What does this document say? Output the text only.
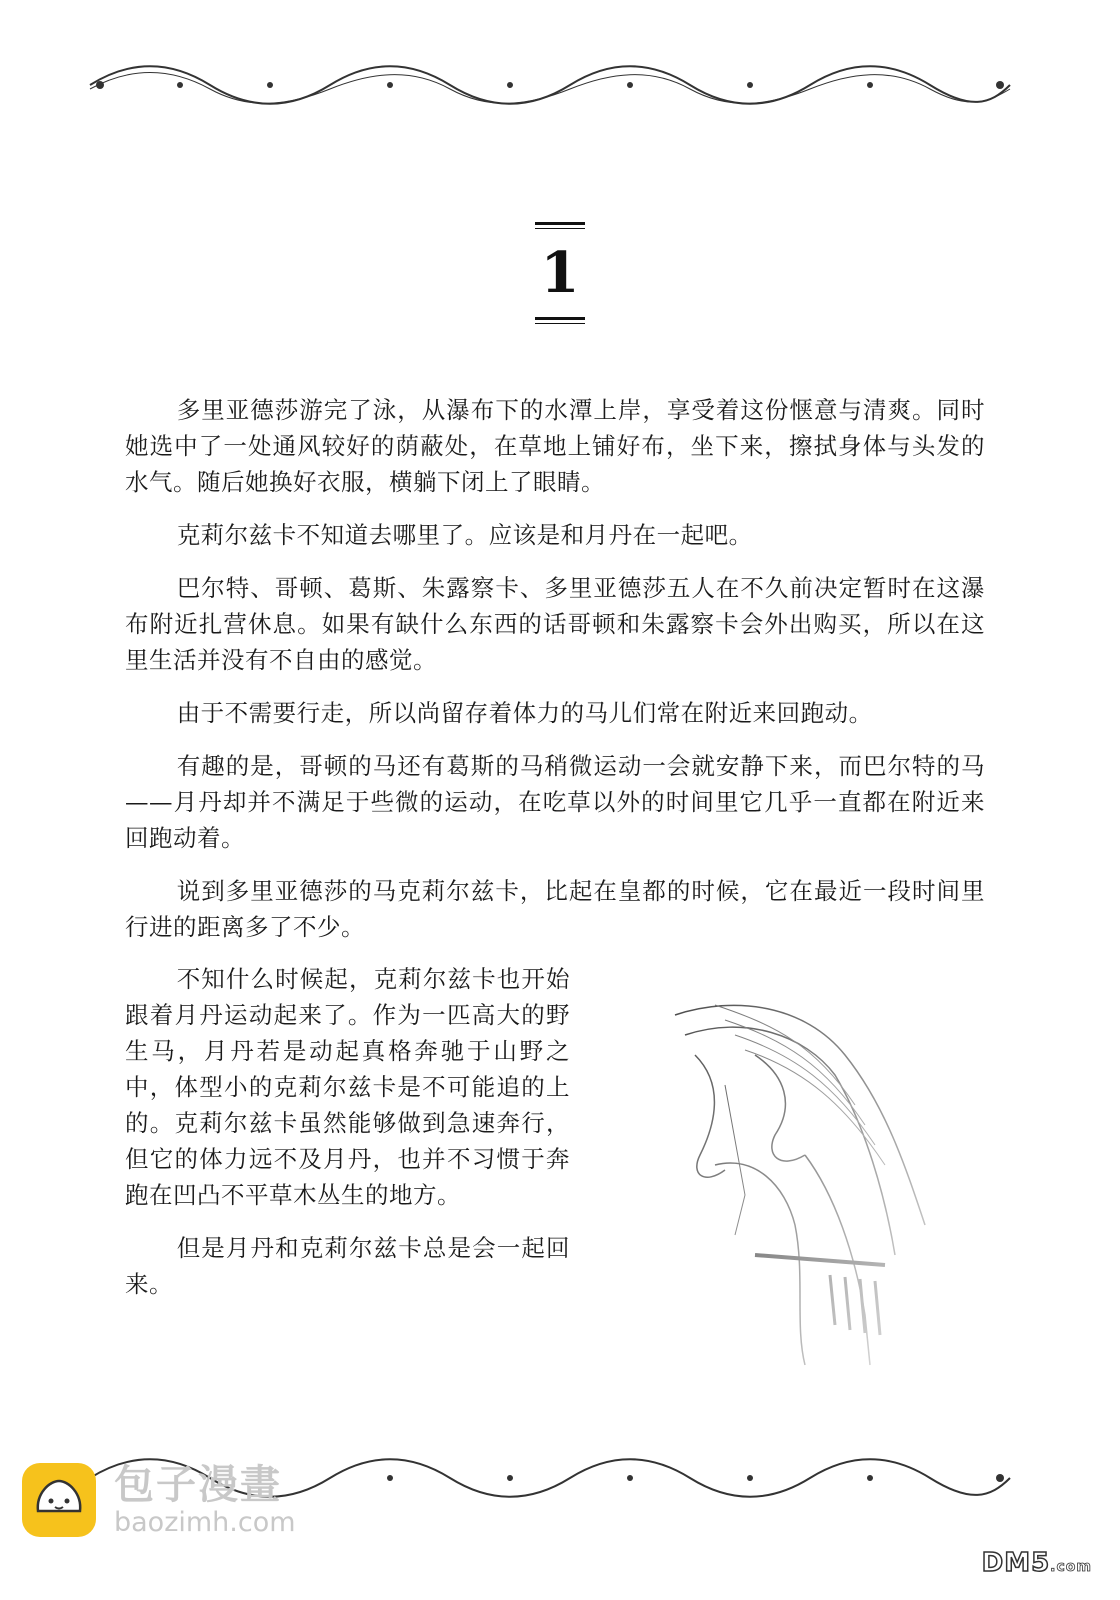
1

多里亚德莎游完了泳，从瀑布下的水潭上岸，享受着这份惬意与清爽。同时她选中了一处通风较好的荫蔽处，在草地上铺好布，坐下来，擦拭身体与头发的水气。随后她换好衣服，横躺下闭上了眼睛。

克莉尔兹卡不知道去哪里了。应该是和月丹在一起吧。

巴尔特、哥顿、葛斯、朱露察卡、多里亚德莎五人在不久前决定暂时在这瀑布附近扎营休息。如果有缺什么东西的话哥顿和朱露察卡会外出购买，所以在这里生活并没有不自由的感觉。

由于不需要行走，所以尚留存着体力的马儿们常在附近来回跑动。

有趣的是，哥顿的马还有葛斯的马稍微运动一会就安静下来，而巴尔特的马——月丹却并不满足于些微的运动，在吃草以外的时间里它几乎一直都在附近来回跑动着。

说到多里亚德莎的马克莉尔兹卡，比起在皇都的时候，它在最近一段时间里行进的距离多了不少。

不知什么时候起，克莉尔兹卡也开始跟着月丹运动起来了。作为一匹高大的野生马，月丹若是动起真格奔驰于山野之中，体型小的克莉尔兹卡是不可能追的上的。克莉尔兹卡虽然能够做到急速奔行，但它的体力远不及月丹，也并不习惯于奔跑在凹凸不平草木丛生的地方。

但是月丹和克莉尔兹卡总是会一起回来。

包子漫畫
baozimh.com
DM5.com
